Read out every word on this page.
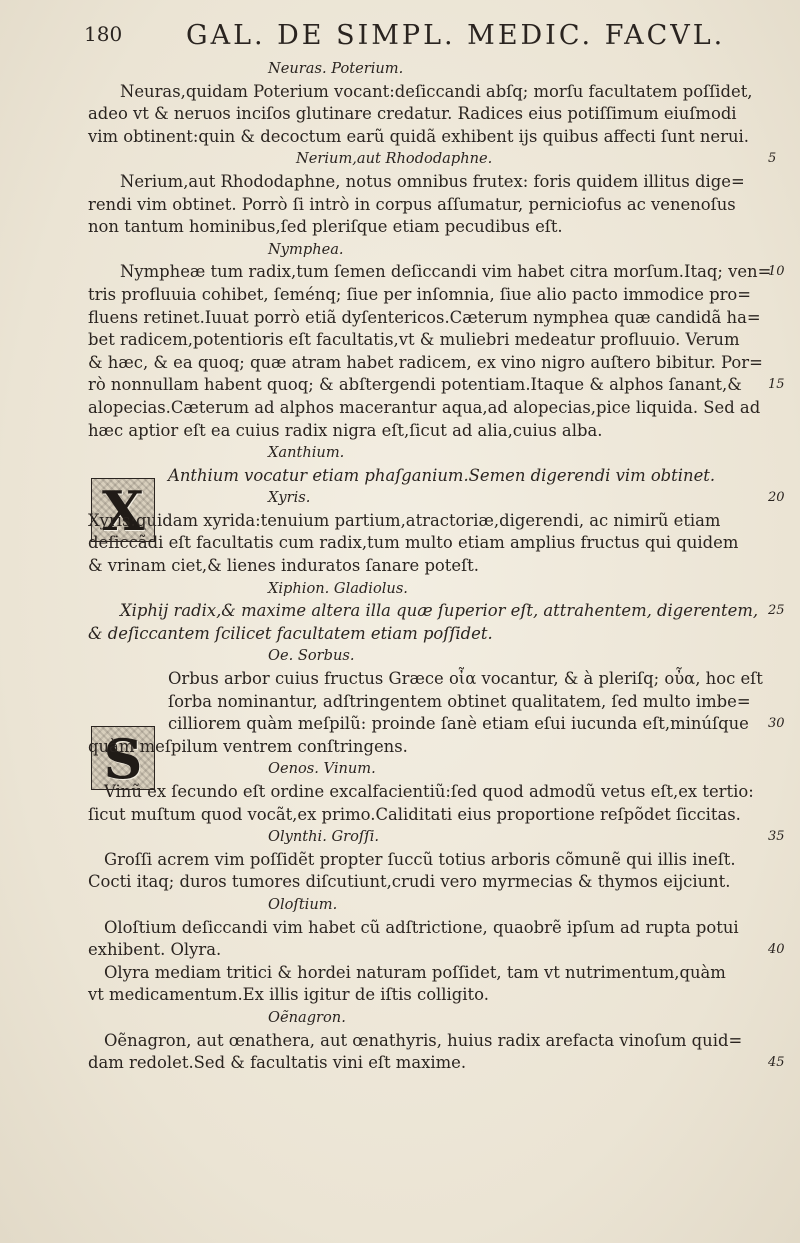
180 GAL. DE SIMPL. MEDIC. FACVL.
X
S
Neuras. Poterium.
Neuras,quidam Poterium vocant:deſiccandi abſq; morſu facultatem poſſidet,
adeo vt & neruos inciſos glutinare credatur. Radices eius potiſſimum eiuſmodi
vim obtinent:quin & decoctum earũ quidã exhibent ijs quibus affecti ſunt nerui.
Nerium,aut Rhododaphne.	5
Nerium,aut Rhododaphne, notus omnibus frutex: foris quidem illitus dige=
rendi vim obtinet. Porrò ſi intrò in corpus aſſumatur, perniciofus ac venenoſus
non tantum hominibus,ſed pleriſque etiam pecudibus eſt.
Nymphea.
Nympheæ tum radix,tum ſemen deſiccandi vim habet citra morſum.Itaq; ven=
10
tris profluuia cohibet, ſeménq; ſiue per inſomnia, ſiue alio pacto immodice pro=
fluens retinet.Iuuat porrò etiã dyſentericos.Cæterum nymphea quæ candidã ha=
bet radicem,potentioris eſt facultatis,vt & muliebri medeatur profluuio. Verum
& hæc, & ea quoq; quæ atram habet radicem, ex vino nigro auſtero bibitur. Por=
rò nonnullam habent quoq; & abſtergendi potentiam.Itaque & alphos ſanant,& 15
alopecias.Cæterum ad alphos macerantur aqua,ad alopecias,pice liquida. Sed ad
hæc aptior eſt ea cuius radix nigra eſt,ſicut ad alia,cuius alba.
Xanthium.
Anthium vocatur etiam phaſganium.Semen digerendi vim obtinet.
Xyris.	20
Xyris:quidam xyrida:tenuium partium,atractoriæ,digerendi, ac nimirũ etiam
deſiccãdi eſt facultatis cum radix,tum multo etiam amplius fructus qui quidem
& vrinam ciet,& lienes induratos ſanare poteſt.
Xiphion. Gladiolus.
Xiphij radix,& maxime altera illa quæ ſuperior eſt, attrahentem, digerentem, 25
& deſiccantem ſcilicet facultatem etiam poſſidet.
Oe. Sorbus.
Orbus arbor cuius fructus Græce οἶα vocantur, & à pleriſq; οὖα, hoc eſt
ſorba nominantur, adſtringentem obtinet qualitatem, ſed multo imbe=
cilliorem quàm meſpilũ: proinde ſanè etiam eſui iucunda eſt,minúſque 30
quàm meſpilum ventrem conſtringens.
Oenos. Vinum.
Vinũ ex ſecundo eſt ordine excalfacientiũ:ſed quod admodũ vetus eſt,ex tertio:
ſicut muſtum quod vocãt,ex primo.Caliditati eius proportione reſpõdet ſiccitas.
Olynthi. Groſſi.	35
Groſſi acrem vim poſſidẽt propter ſuccũ totius arboris cõmunẽ qui illis ineſt.
Cocti itaq; duros tumores diſcutiunt,crudi vero myrmecias & thymos eijciunt.
Oloſtium.
Oloſtium deſiccandi vim habet cũ adſtrictione, quaobrẽ ipſum ad rupta potui
exhibent. Olyra.	40
Olyra mediam tritici & hordei naturam poſſidet, tam vt nutrimentum,quàm
vt medicamentum.Ex illis igitur de iſtis colligito.
Oẽnagron.
Oẽnagron, aut œnathera, aut œnathyris, huius radix arefacta vinoſum quid=
dam redolet.Sed & facultatis vini eſt maxime.	45
